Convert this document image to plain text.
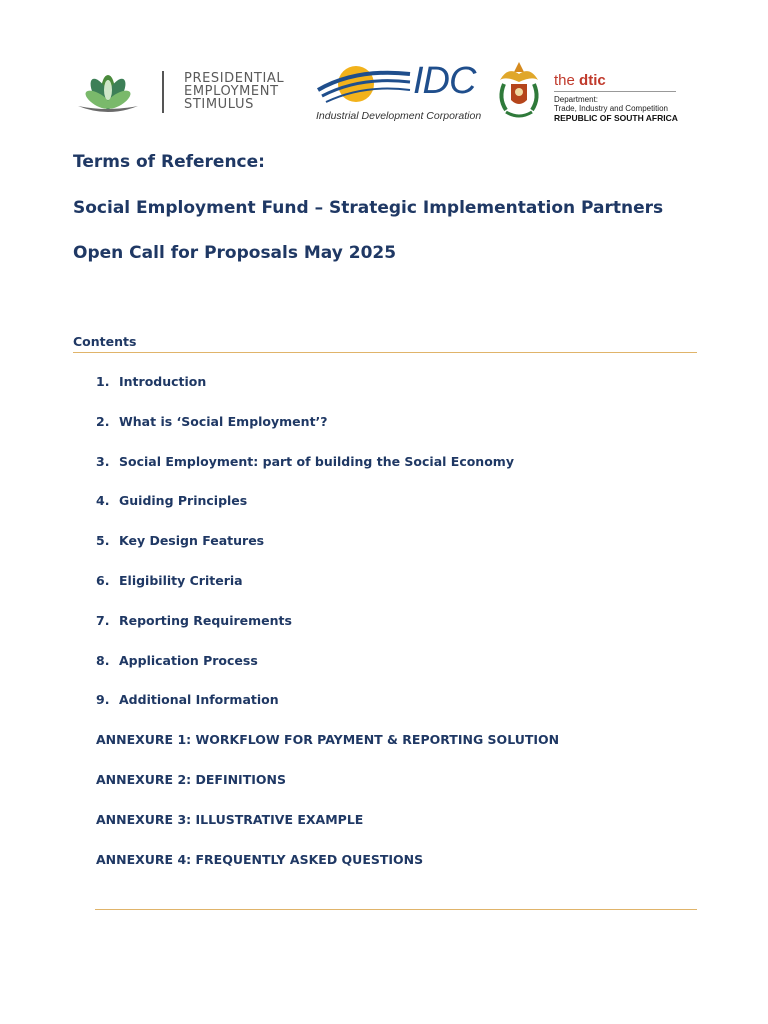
PRESIDENTIAL
EMPLOYMENT
STIMULUS
IDC
Industrial Development Corporation
the dtic
Department:
Trade, Industry and Competition
REPUBLIC OF SOUTH AFRICA
Terms of Reference:
Social Employment Fund – Strategic Implementation Partners
Open Call for Proposals May 2025
Contents
1. Introduction
2. What is ‘Social Employment’?
3. Social Employment: part of building the Social Economy
4. Guiding Principles
5. Key Design Features
6. Eligibility Criteria
7. Reporting Requirements
8. Application Process
9. Additional Information
ANNEXURE 1: WORKFLOW FOR PAYMENT & REPORTING SOLUTION
ANNEXURE 2: DEFINITIONS
ANNEXURE 3: ILLUSTRATIVE EXAMPLE
ANNEXURE 4: FREQUENTLY ASKED QUESTIONS
